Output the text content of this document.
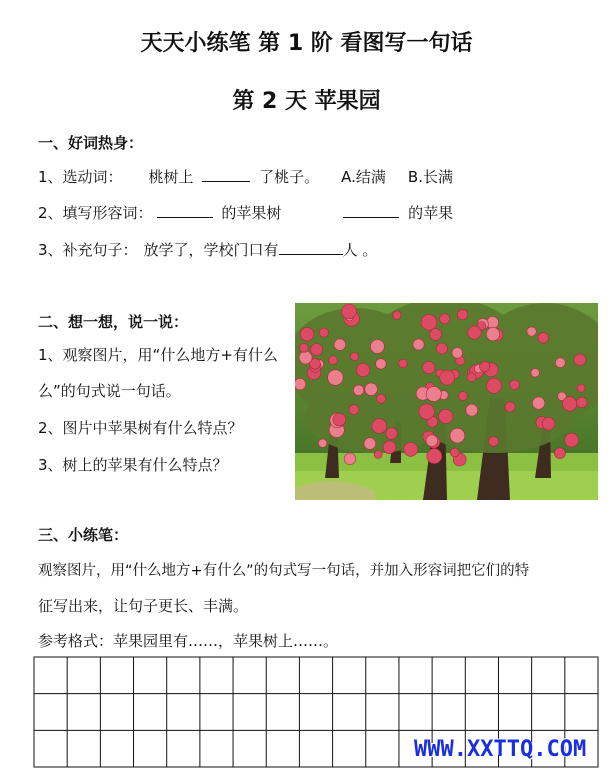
天天小练笔 第 1 阶 看图写一句话
第 2 天 苹果园

一、好词热身：

1、选动词： 桃树上	了桃子。 A.结满 B.长满

2、填写形容词：	的苹果树	的苹果

3、补充句子： 放学了，学校门口有	人 。

二、想一想，说一说：

1、观察图片，用“什么地方+有什么

么”的句式说一句话。

2、图片中苹果树有什么特点？

3、树上的苹果有什么特点？

三、小练笔：

观察图片，用“什么地方+有什么”的句式写一句话，并加入形容词把它们的特

征写出来，让句子更长、丰满。

参考格式：苹果园里有……，苹果树上……。

WWW.XXTTQ.COM
